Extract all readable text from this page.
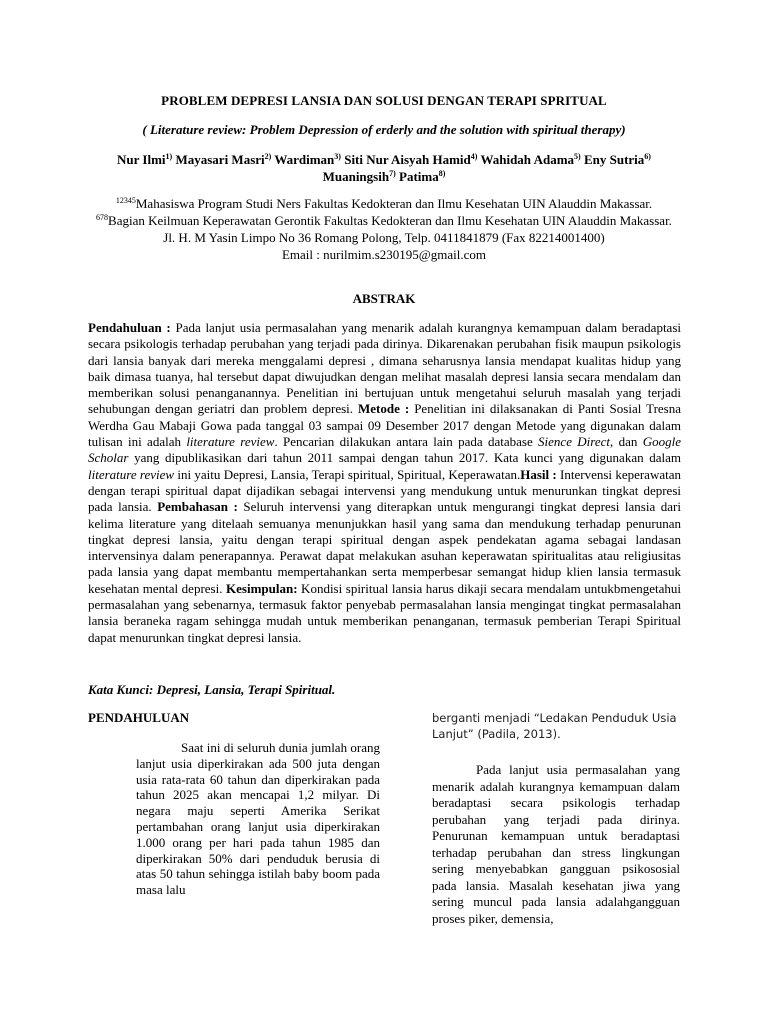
PROBLEM DEPRESI LANSIA DAN SOLUSI DENGAN TERAPI SPRITUAL
( Literature review: Problem Depression of erderly and the solution with spiritual therapy)
Nur Ilmi$^{1)}$ Mayasari Masri$^{2)}$ Wardiman$^{3)}$ Siti Nur Aisyah Hamid$^{4)}$ Wahidah Adama$^{5)}$ Eny Sutria$^{6)}$
Muaningsih$^{7)}$ Patima$^{8)}$
$^{12345}$Mahasiswa Program Studi Ners Fakultas Kedokteran dan Ilmu Kesehatan UIN Alauddin Makassar.
$^{678}$Bagian Keilmuan Keperawatan Gerontik Fakultas Kedokteran dan Ilmu Kesehatan UIN Alauddin Makassar.
Jl. H. M Yasin Limpo No 36 Romang Polong, Telp. 0411841879 (Fax 82214001400)
Email : nurilmim.s230195@gmail.com
ABSTRAK
Pendahuluan : Pada lanjut usia permasalahan yang menarik adalah kurangnya kemampuan dalam beradaptasi secara psikologis terhadap perubahan yang terjadi pada dirinya. Dikarenakan perubahan fisik maupun psikologis dari lansia banyak dari mereka menggalami depresi , dimana seharusnya lansia mendapat kualitas hidup yang baik dimasa tuanya, hal tersebut dapat diwujudkan dengan melihat masalah depresi lansia secara mendalam dan memberikan solusi penanganannya. Penelitian ini bertujuan untuk mengetahui seluruh masalah yang terjadi sehubungan dengan geriatri dan problem depresi. Metode : Penelitian ini dilaksanakan di Panti Sosial Tresna Werdha Gau Mabaji Gowa pada tanggal 03 sampai 09 Desember 2017 dengan Metode yang digunakan dalam tulisan ini adalah literature review. Pencarian dilakukan antara lain pada database Sience Direct, dan Google Scholar yang dipublikasikan dari tahun 2011 sampai dengan tahun 2017. Kata kunci yang digunakan dalam literature review ini yaitu Depresi, Lansia, Terapi spiritual, Spiritual, Keperawatan.Hasil : Intervensi keperawatan dengan terapi spiritual dapat dijadikan sebagai intervensi yang mendukung untuk menurunkan tingkat depresi pada lansia. Pembahasan : Seluruh intervensi yang diterapkan untuk mengurangi tingkat depresi lansia dari kelima literature yang ditelaah semuanya menunjukkan hasil yang sama dan mendukung terhadap penurunan tingkat depresi lansia, yaitu dengan terapi spiritual dengan aspek pendekatan agama sebagai landasan intervensinya dalam penerapannya. Perawat dapat melakukan asuhan keperawatan spiritualitas atau religiusitas pada lansia yang dapat membantu mempertahankan serta memperbesar semangat hidup klien lansia termasuk kesehatan mental depresi. Kesimpulan: Kondisi spiritual lansia harus dikaji secara mendalam untukbmengetahui permasalahan yang sebenarnya, termasuk faktor penyebab permasalahan lansia mengingat tingkat permasalahan lansia beraneka ragam sehingga mudah untuk memberikan penanganan, termasuk pemberian Terapi Spiritual dapat menurunkan tingkat depresi lansia.
Kata Kunci: Depresi, Lansia, Terapi Spiritual.
PENDAHULUAN
Saat ini di seluruh dunia jumlah orang lanjut usia diperkirakan ada 500 juta dengan usia rata-rata 60 tahun dan diperkirakan pada tahun 2025 akan mencapai 1,2 milyar. Di negara maju seperti Amerika Serikat pertambahan orang lanjut usia diperkirakan 1.000 orang per hari pada tahun 1985 dan diperkirakan 50% dari penduduk berusia di atas 50 tahun sehingga istilah baby boom pada masa lalu
berganti menjadi “Ledakan Penduduk Usia Lanjut” (Padila, 2013).
Pada lanjut usia permasalahan yang menarik adalah kurangnya kemampuan dalam beradaptasi secara psikologis terhadap perubahan yang terjadi pada dirinya. Penurunan kemampuan untuk beradaptasi terhadap perubahan dan stress lingkungan sering menyebabkan gangguan psikososial pada lansia. Masalah kesehatan jiwa yang sering muncul pada lansia adalahgangguan proses piker, demensia,
